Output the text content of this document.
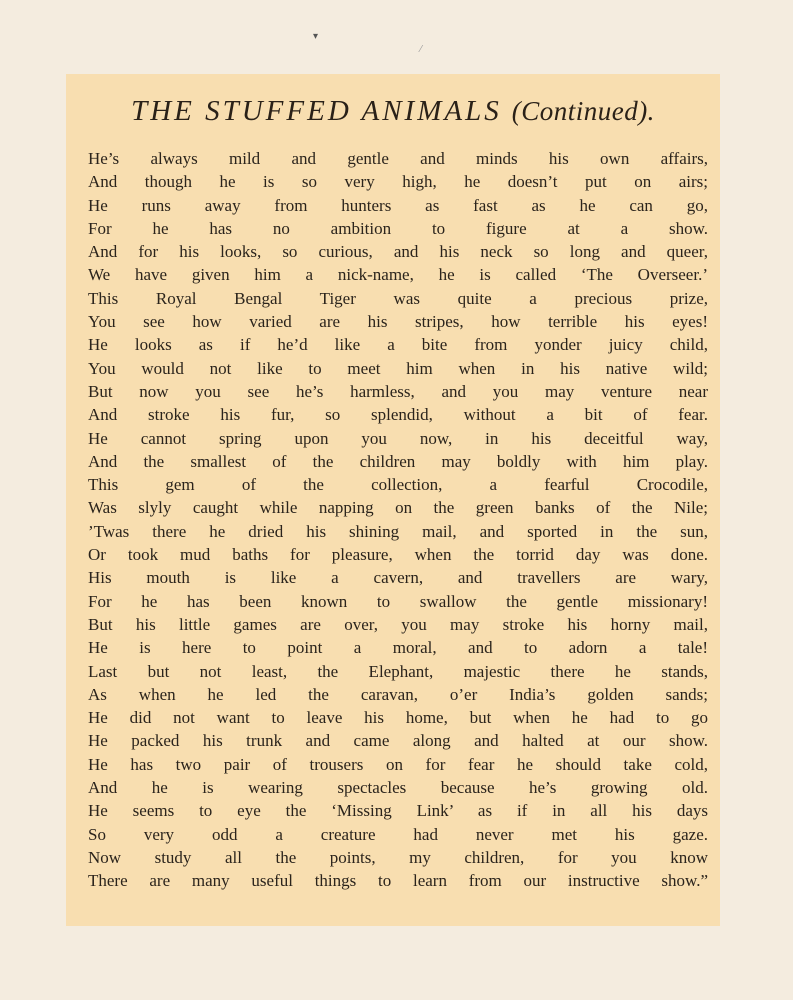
▾
⁄
THE STUFFED ANIMALS (Continued).
He’s always mild and gentle and minds his own affairs,
And though he is so very high, he doesn’t put on airs;
He runs away from hunters as fast as he can go,
For he has no ambition to figure at a show.
And for his looks, so curious, and his neck so long and queer,
We have given him a nick-name, he is called ‘The Overseer.’
This Royal Bengal Tiger was quite a precious prize,
You see how varied are his stripes, how terrible his eyes!
He looks as if he’d like a bite from yonder juicy child,
You would not like to meet him when in his native wild;
But now you see he’s harmless, and you may venture near
And stroke his fur, so splendid, without a bit of fear.
He cannot spring upon you now, in his deceitful way,
And the smallest of the children may boldly with him play.
This gem of the collection, a fearful Crocodile,
Was slyly caught while napping on the green banks of the Nile;
’Twas there he dried his shining mail, and sported in the sun,
Or took mud baths for pleasure, when the torrid day was done.
His mouth is like a cavern, and travellers are wary,
For he has been known to swallow the gentle missionary!
But his little games are over, you may stroke his horny mail,
He is here to point a moral, and to adorn a tale!
Last but not least, the Elephant, majestic there he stands,
As when he led the caravan, o’er India’s golden sands;
He did not want to leave his home, but when he had to go
He packed his trunk and came along and halted at our show.
He has two pair of trousers on for fear he should take cold,
And he is wearing spectacles because he’s growing old.
He seems to eye the ‘Missing Link’ as if in all his days
So very odd a creature had never met his gaze.
Now study all the points, my children, for you know
There are many useful things to learn from our instructive show.”
